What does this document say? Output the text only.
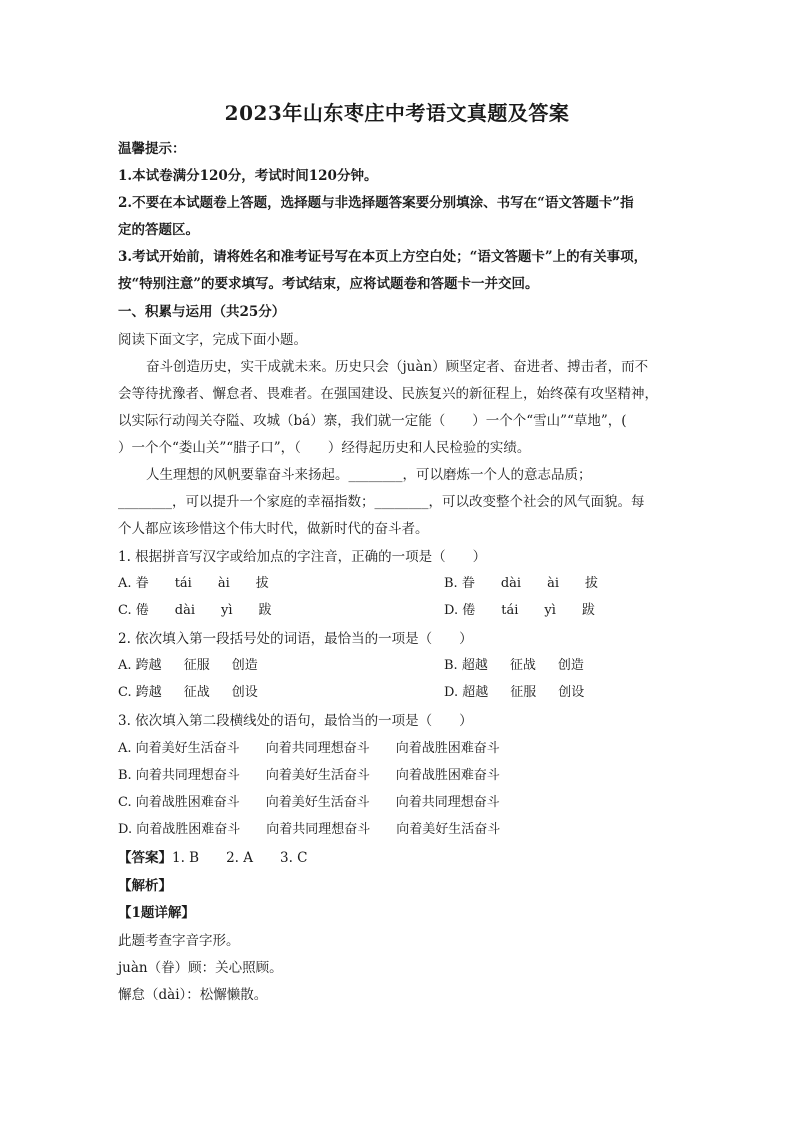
2023年山东枣庄中考语文真题及答案
温馨提示：
1.本试卷满分120分，考试时间120分钟。
2.不要在本试题卷上答题，选择题与非选择题答案要分别填涂、书写在“语文答题卡”指
定的答题区。
3.考试开始前，请将姓名和准考证号写在本页上方空白处；“语文答题卡”上的有关事项，
按“特别注意”的要求填写。考试结束，应将试题卷和答题卡一并交回。
一、积累与运用（共25分）
阅读下面文字，完成下面小题。
奋斗创造历史，实干成就未来。历史只会（juàn）顾坚定者、奋进者、搏击者，而不
会等待扰豫者、懈怠者、畏难者。在强国建设、民族复兴的新征程上，始终葆有攻坚精神，
以实际行动闯关夺隘、攻城（bá）寨，我们就一定能（　　）一个个“雪山”“草地”，(
）一个个“娄山关”“腊子口”，（　　）经得起历史和人民检验的实绩。
人生理想的风帆要靠奋斗来扬起。________，可以磨炼一个人的意志品质；
________，可以提升一个家庭的幸福指数；________，可以改变整个社会的风气面貌。每
个人都应该珍惜这个伟大时代，做新时代的奋斗者。
1. 根据拼音写汉字或给加点的字注音，正确的一项是（　　）
A. 眷 tái ài 拔	B. 眷 dài ài 拔
C. 倦 dài yì 跋	D. 倦 tái yì 跋
2. 依次填入第一段括号处的词语，最恰当的一项是（　　）
A. 跨越 征服 创造	B. 超越 征战 创造
C. 跨越 征战 创设	D. 超越 征服 创设
3. 依次填入第二段横线处的语句，最恰当的一项是（　　）
A. 向着美好生活奋斗 向着共同理想奋斗 向着战胜困难奋斗
B. 向着共同理想奋斗 向着美好生活奋斗 向着战胜困难奋斗
C. 向着战胜困难奋斗 向着美好生活奋斗 向着共同理想奋斗
D. 向着战胜困难奋斗 向着共同理想奋斗 向着美好生活奋斗
【答案】1. B　　2. A　　3. C
【解析】
【1题详解】
此题考查字音字形。
juàn（眷）顾：关心照顾。
懈怠（dài）：松懈懒散。
